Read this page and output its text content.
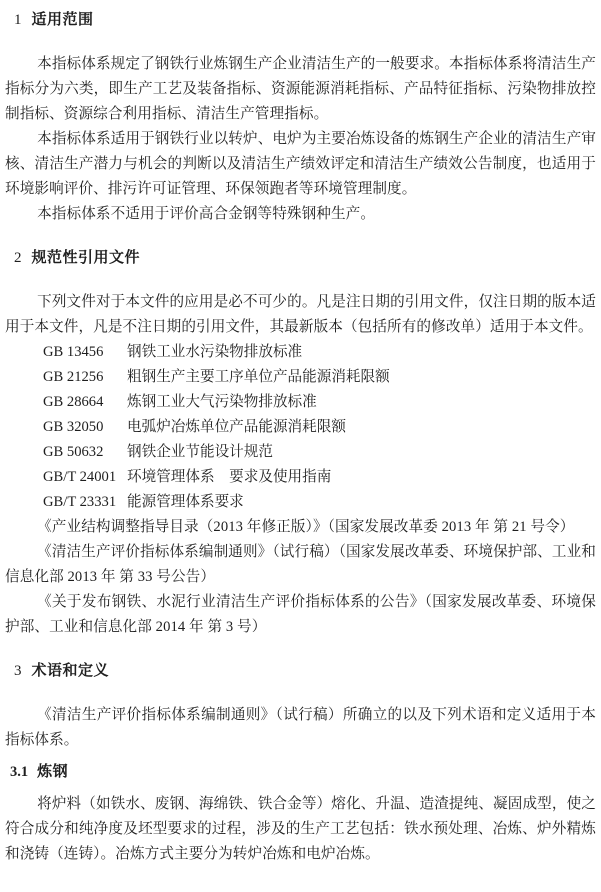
1 适用范围

本指标体系规定了钢铁行业炼钢生产企业清洁生产的一般要求。本指标体系将清洁生产指标分为六类，即生产工艺及装备指标、资源能源消耗指标、产品特征指标、污染物排放控制指标、资源综合利用指标、清洁生产管理指标。

本指标体系适用于钢铁行业以转炉、电炉为主要冶炼设备的炼钢生产企业的清洁生产审核、清洁生产潜力与机会的判断以及清洁生产绩效评定和清洁生产绩效公告制度，也适用于环境影响评价、排污许可证管理、环保领跑者等环境管理制度。

本指标体系不适用于评价高合金钢等特殊钢种生产。

2 规范性引用文件

下列文件对于本文件的应用是必不可少的。凡是注日期的引用文件，仅注日期的版本适用于本文件，凡是不注日期的引用文件，其最新版本（包括所有的修改单）适用于本文件。

GB 13456	钢铁工业水污染物排放标准
GB 21256	粗钢生产主要工序单位产品能源消耗限额
GB 28664	炼钢工业大气污染物排放标准
GB 32050	电弧炉冶炼单位产品能源消耗限额
GB 50632	钢铁企业节能设计规范
GB/T 24001 环境管理体系　要求及使用指南
GB/T 23331 能源管理体系要求

《产业结构调整指导目录（2013 年修正版）》（国家发展改革委 2013 年 第 21 号令）

《清洁生产评价指标体系编制通则》（试行稿）（国家发展改革委、环境保护部、工业和信息化部 2013 年 第 33 号公告）

《关于发布钢铁、水泥行业清洁生产评价指标体系的公告》（国家发展改革委、环境保护部、工业和信息化部 2014 年 第 3 号）

3 术语和定义

《清洁生产评价指标体系编制通则》（试行稿）所确立的以及下列术语和定义适用于本指标体系。

3.1 炼钢

将炉料（如铁水、废钢、海绵铁、铁合金等）熔化、升温、造渣提纯、凝固成型，使之符合成分和纯净度及坯型要求的过程，涉及的生产工艺包括：铁水预处理、冶炼、炉外精炼和浇铸（连铸）。冶炼方式主要分为转炉冶炼和电炉冶炼。
